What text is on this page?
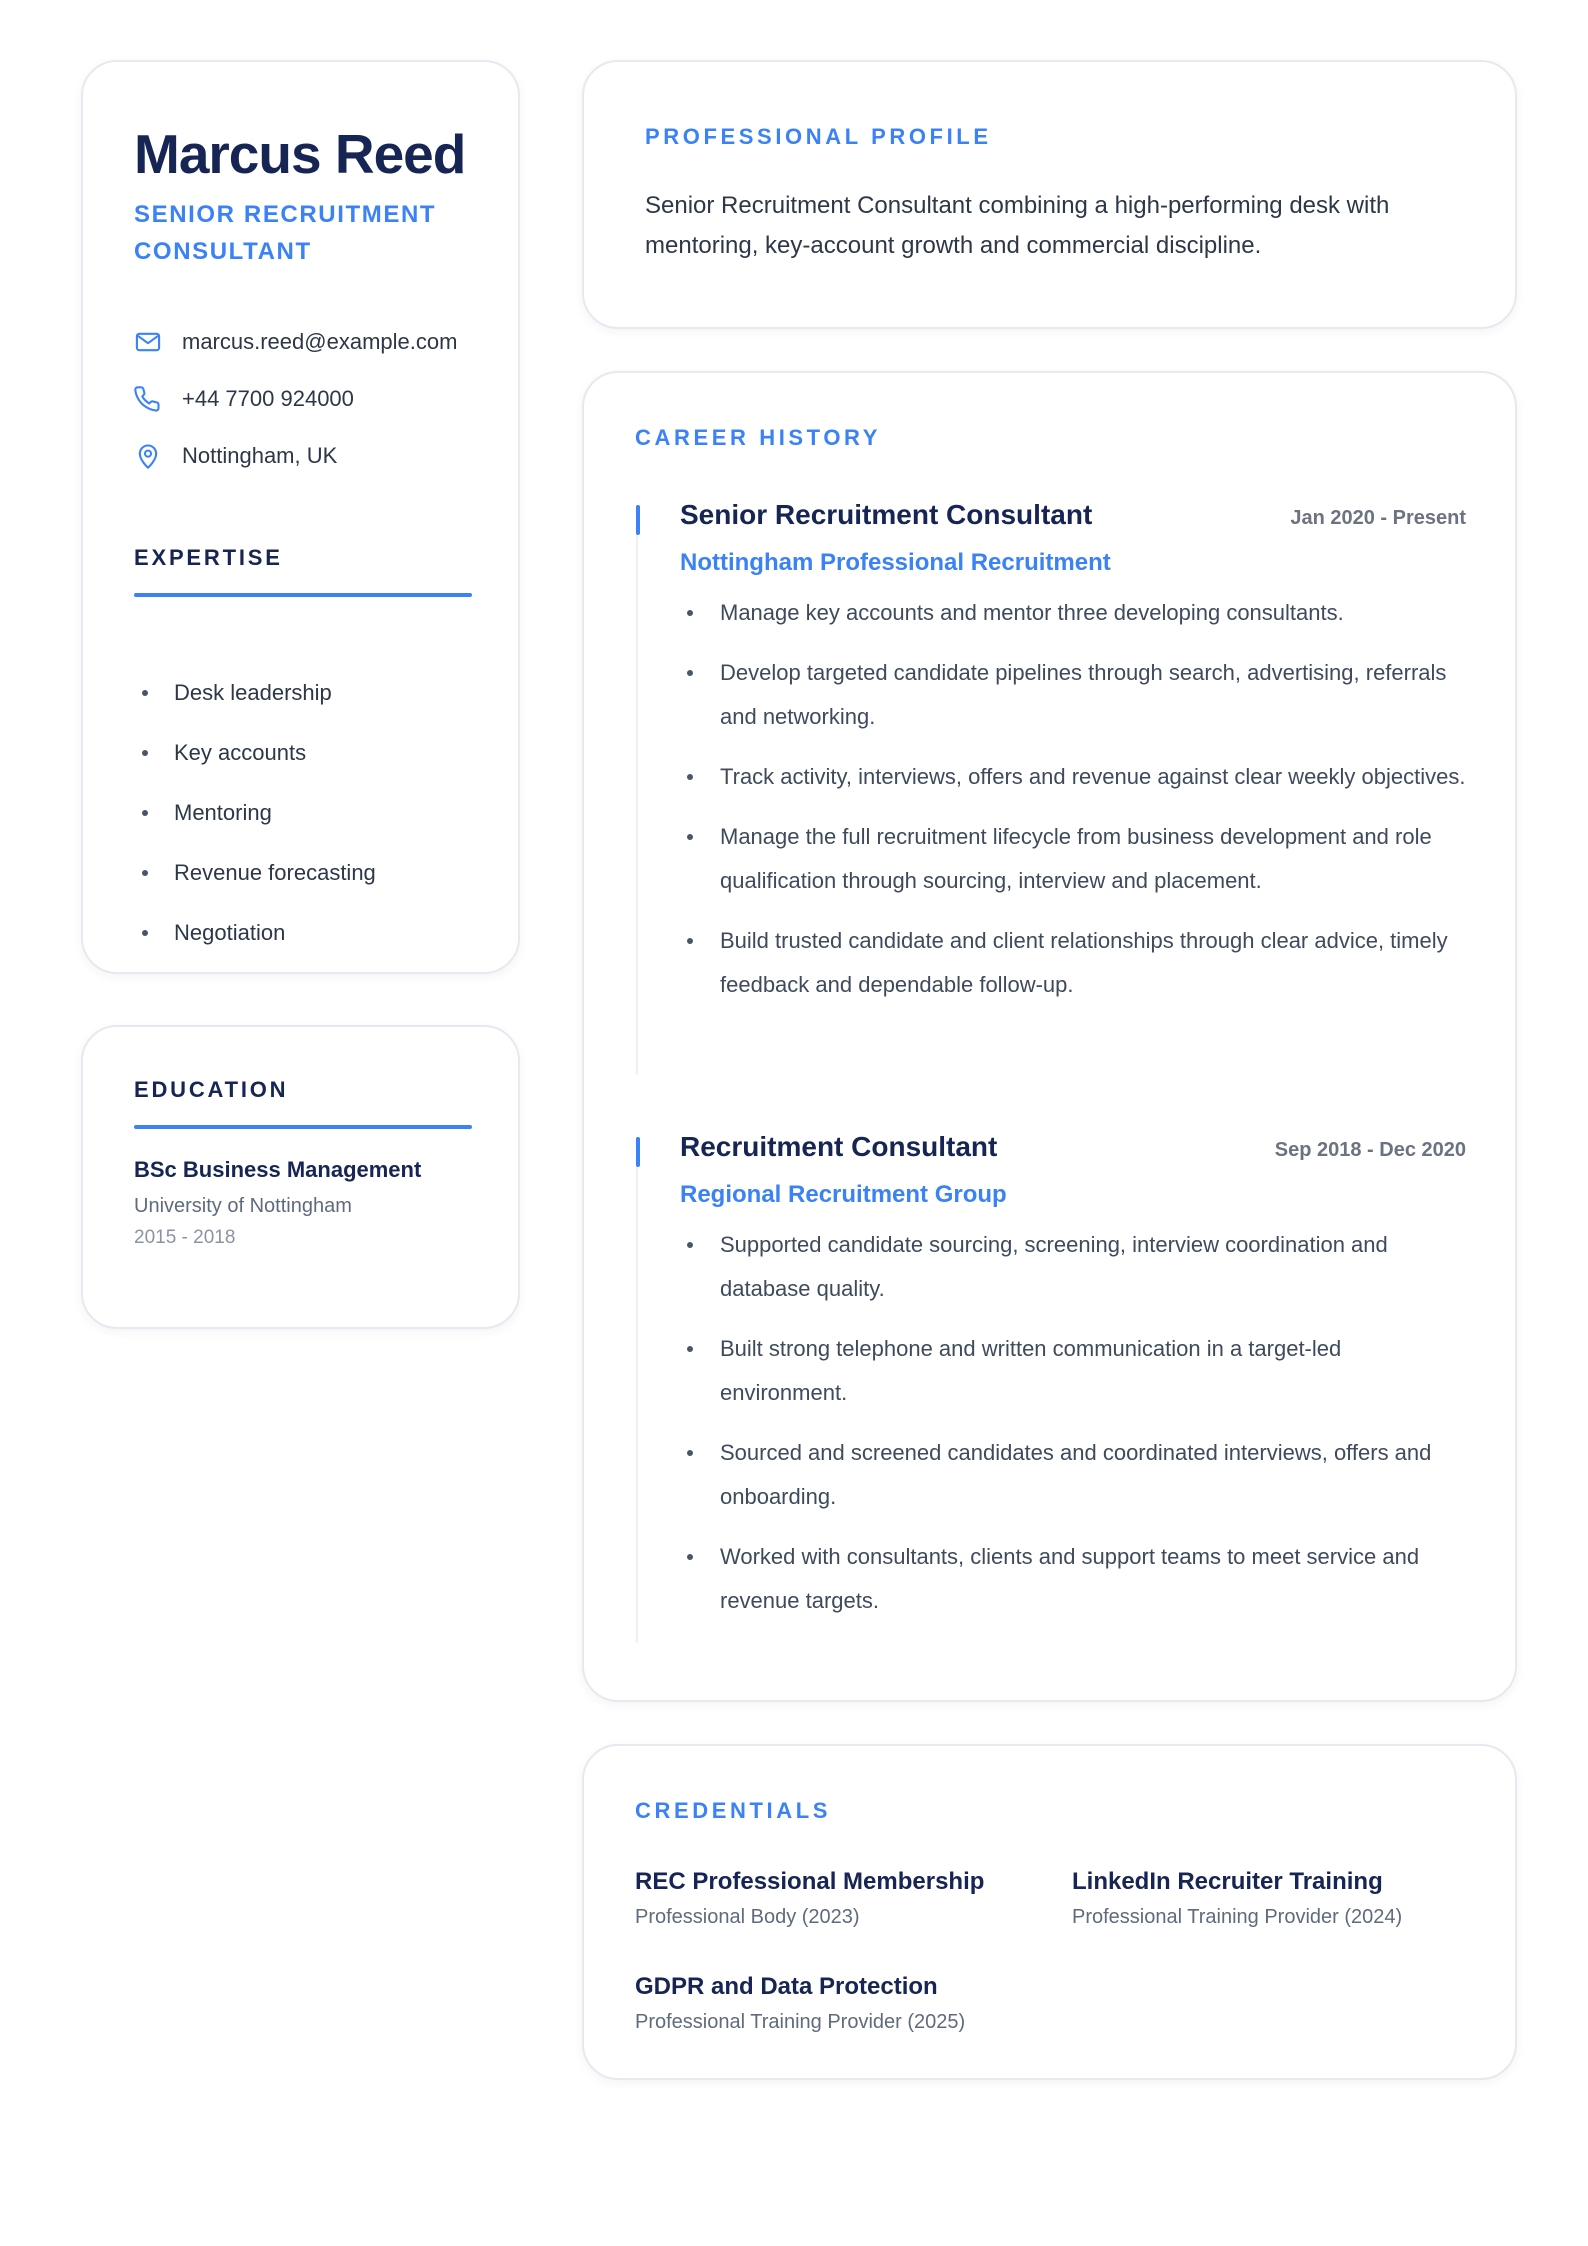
Marcus Reed
SENIOR RECRUITMENT CONSULTANT
marcus.reed@example.com
+44 7700 924000
Nottingham, UK
EXPERTISE
Desk leadership
Key accounts
Mentoring
Revenue forecasting
Negotiation
EDUCATION
BSc Business Management
University of Nottingham
2015 - 2018
PROFESSIONAL PROFILE

Senior Recruitment Consultant combining a high-performing desk with mentoring, key-account growth and commercial discipline.

CAREER HISTORY
Senior Recruitment Consultant	Jan 2020 - Present
Nottingham Professional Recruitment
Manage key accounts and mentor three developing consultants.
Develop targeted candidate pipelines through search, advertising, referrals and networking.
Track activity, interviews, offers and revenue against clear weekly objectives.
Manage the full recruitment lifecycle from business development and role qualification through sourcing, interview and placement.
Build trusted candidate and client relationships through clear advice, timely feedback and dependable follow-up.
Recruitment Consultant	Sep 2018 - Dec 2020
Regional Recruitment Group
Supported candidate sourcing, screening, interview coordination and database quality.
Built strong telephone and written communication in a target-led environment.
Sourced and screened candidates and coordinated interviews, offers and onboarding.
Worked with consultants, clients and support teams to meet service and revenue targets.
CREDENTIALS
REC Professional Membership
Professional Body (2023)
LinkedIn Recruiter Training
Professional Training Provider (2024)
GDPR and Data Protection
Professional Training Provider (2025)
